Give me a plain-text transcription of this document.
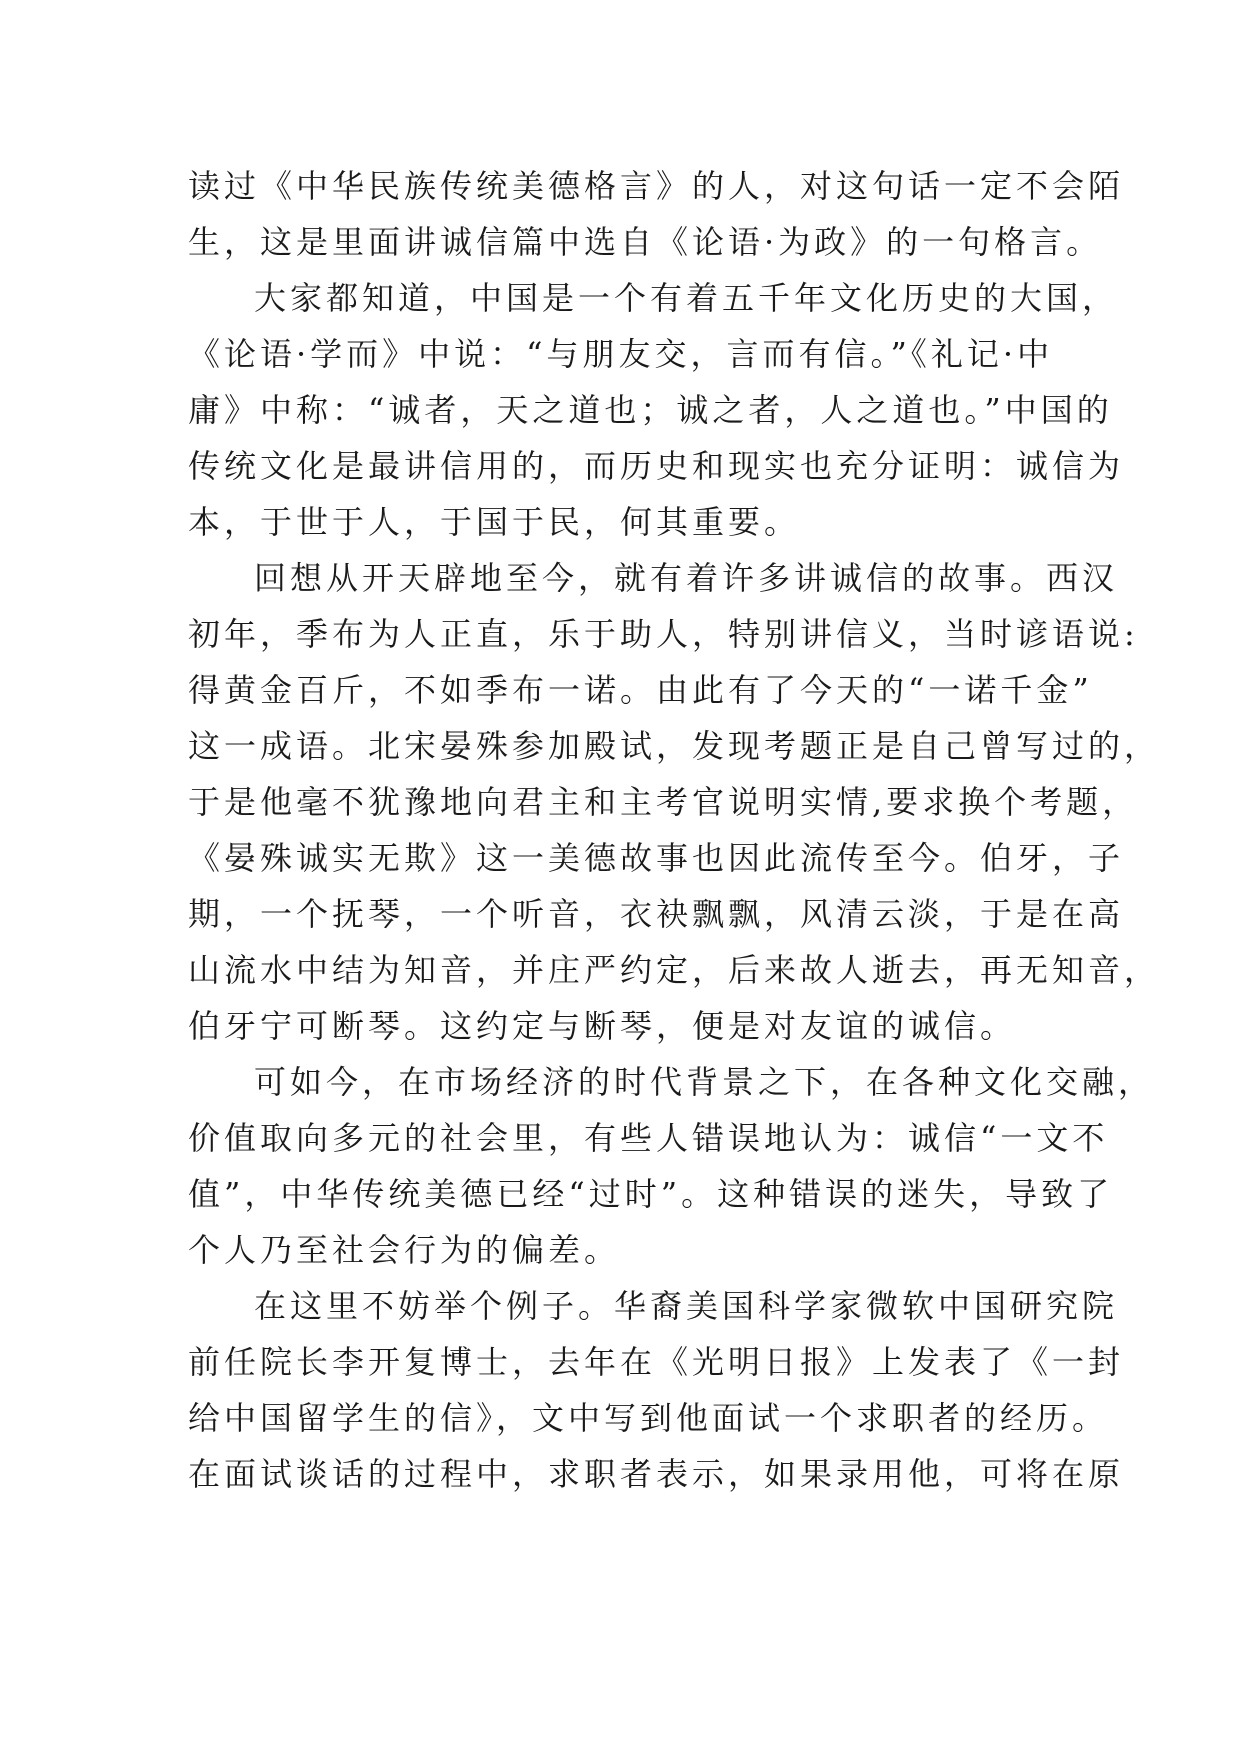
读过《中华民族传统美德格言》的人，对这句话一定不会陌
生，这是里面讲诚信篇中选自《论语·为政》的一句格言。
大家都知道，中国是一个有着五千年文化历史的大国，
《论语·学而》中说：“与朋友交，言而有信。”《礼记·中
庸》中称：“诚者，天之道也；诚之者，人之道也。”中国的
传统文化是最讲信用的，而历史和现实也充分证明：诚信为
本，于世于人，于国于民，何其重要。
回想从开天辟地至今，就有着许多讲诚信的故事。西汉
初年，季布为人正直，乐于助人，特别讲信义，当时谚语说:
得黄金百斤，不如季布一诺。由此有了今天的“一诺千金”
这一成语。北宋晏殊参加殿试，发现考题正是自己曾写过的，
于是他毫不犹豫地向君主和主考官说明实情,要求换个考题，
《晏殊诚实无欺》这一美德故事也因此流传至今。伯牙，子
期，一个抚琴，一个听音，衣袂飘飘，风清云淡，于是在高
山流水中结为知音，并庄严约定，后来故人逝去，再无知音，
伯牙宁可断琴。这约定与断琴，便是对友谊的诚信。
可如今，在市场经济的时代背景之下，在各种文化交融，
价值取向多元的社会里，有些人错误地认为：诚信“一文不
值”，中华传统美德已经“过时”。这种错误的迷失，导致了
个人乃至社会行为的偏差。
在这里不妨举个例子。华裔美国科学家微软中国研究院
前任院长李开复博士，去年在《光明日报》上发表了《一封
给中国留学生的信》，文中写到他面试一个求职者的经历。
在面试谈话的过程中，求职者表示，如果录用他，可将在原
